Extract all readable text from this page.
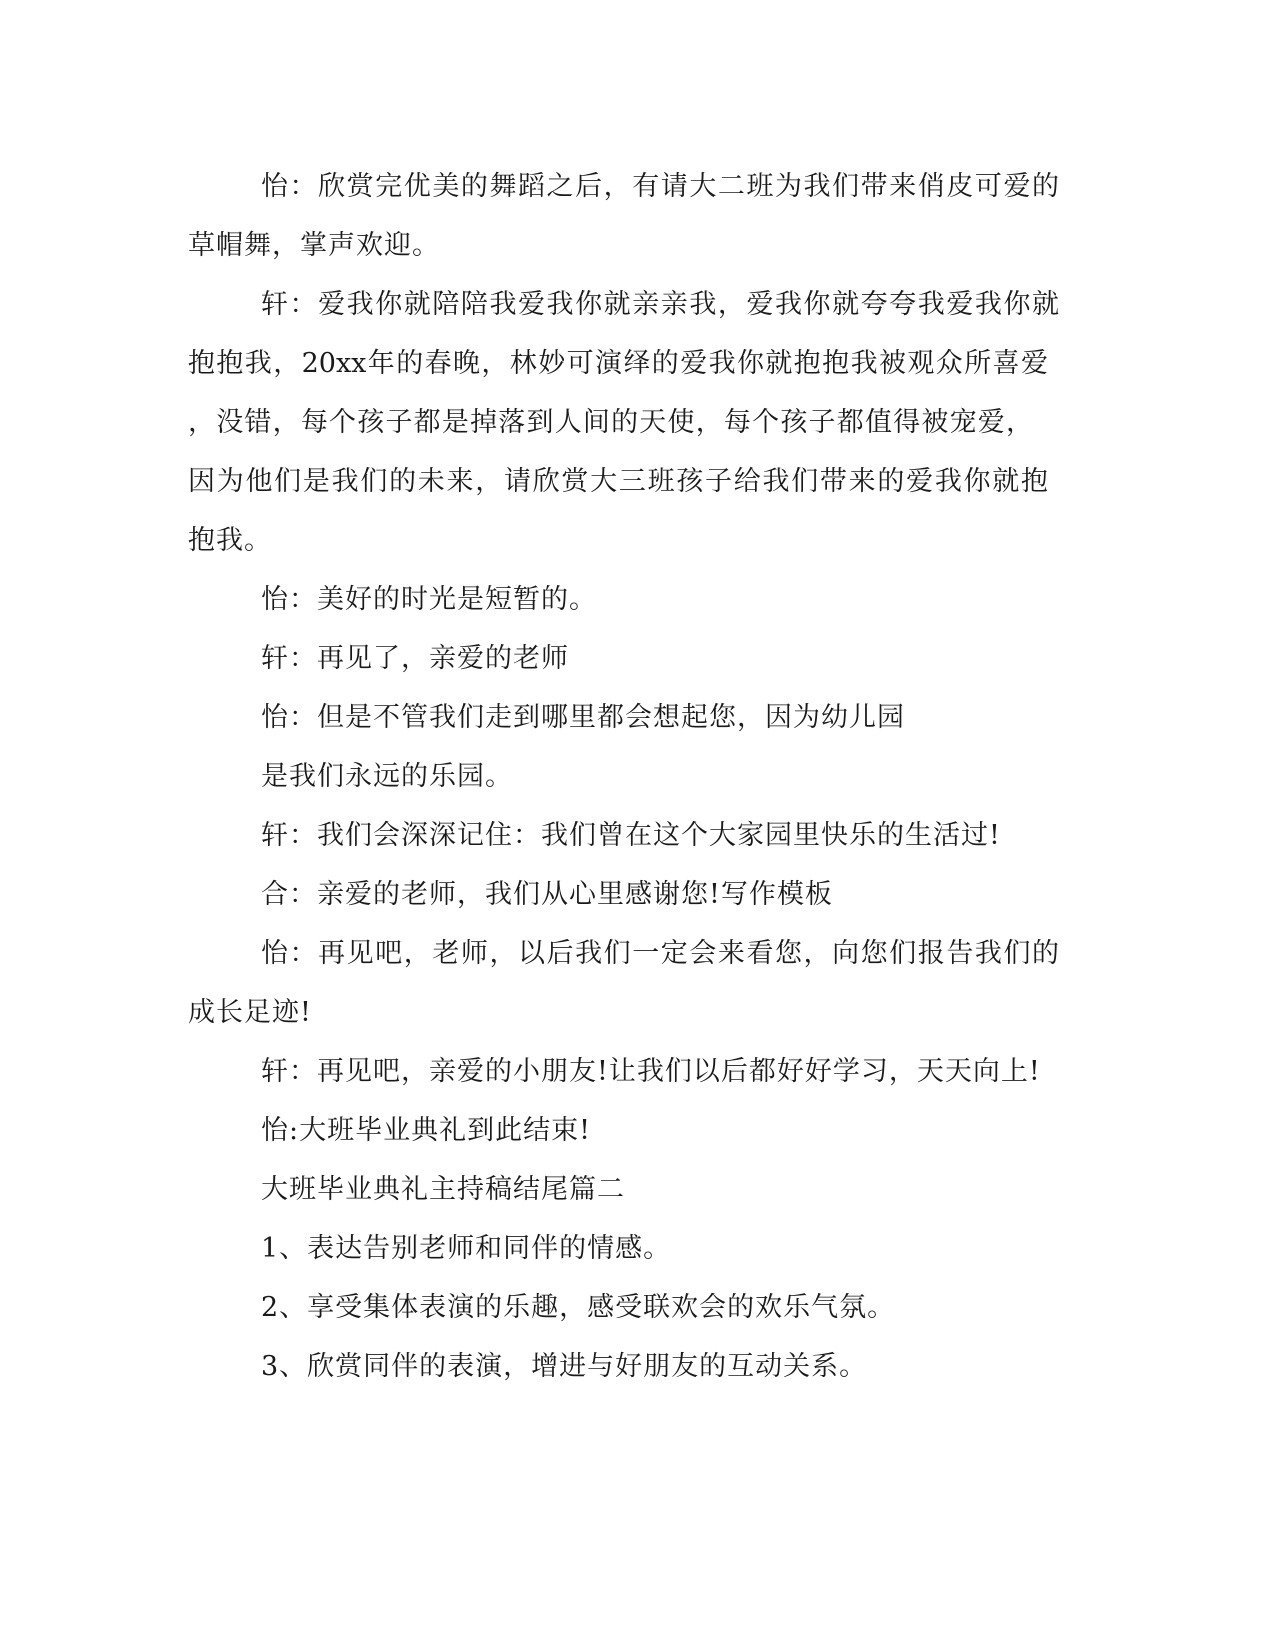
怡：欣赏完优美的舞蹈之后，有请大二班为我们带来俏皮可爱的
草帽舞，掌声欢迎。
轩：爱我你就陪陪我爱我你就亲亲我，爱我你就夸夸我爱我你就
抱抱我，20xx年的春晚，林妙可演绎的爱我你就抱抱我被观众所喜爱
，没错，每个孩子都是掉落到人间的天使，每个孩子都值得被宠爱，
因为他们是我们的未来，请欣赏大三班孩子给我们带来的爱我你就抱
抱我。
怡：美好的时光是短暂的。
轩：再见了，亲爱的老师
怡：但是不管我们走到哪里都会想起您，因为幼儿园
是我们永远的乐园。
轩：我们会深深记住：我们曾在这个大家园里快乐的生活过!
合：亲爱的老师，我们从心里感谢您!写作模板
怡：再见吧，老师，以后我们一定会来看您，向您们报告我们的
成长足迹!
轩：再见吧，亲爱的小朋友!让我们以后都好好学习，天天向上!
怡:大班毕业典礼到此结束!
大班毕业典礼主持稿结尾篇二
1、表达告别老师和同伴的情感。
2、享受集体表演的乐趣，感受联欢会的欢乐气氛。
3、欣赏同伴的表演，增进与好朋友的互动关系。
